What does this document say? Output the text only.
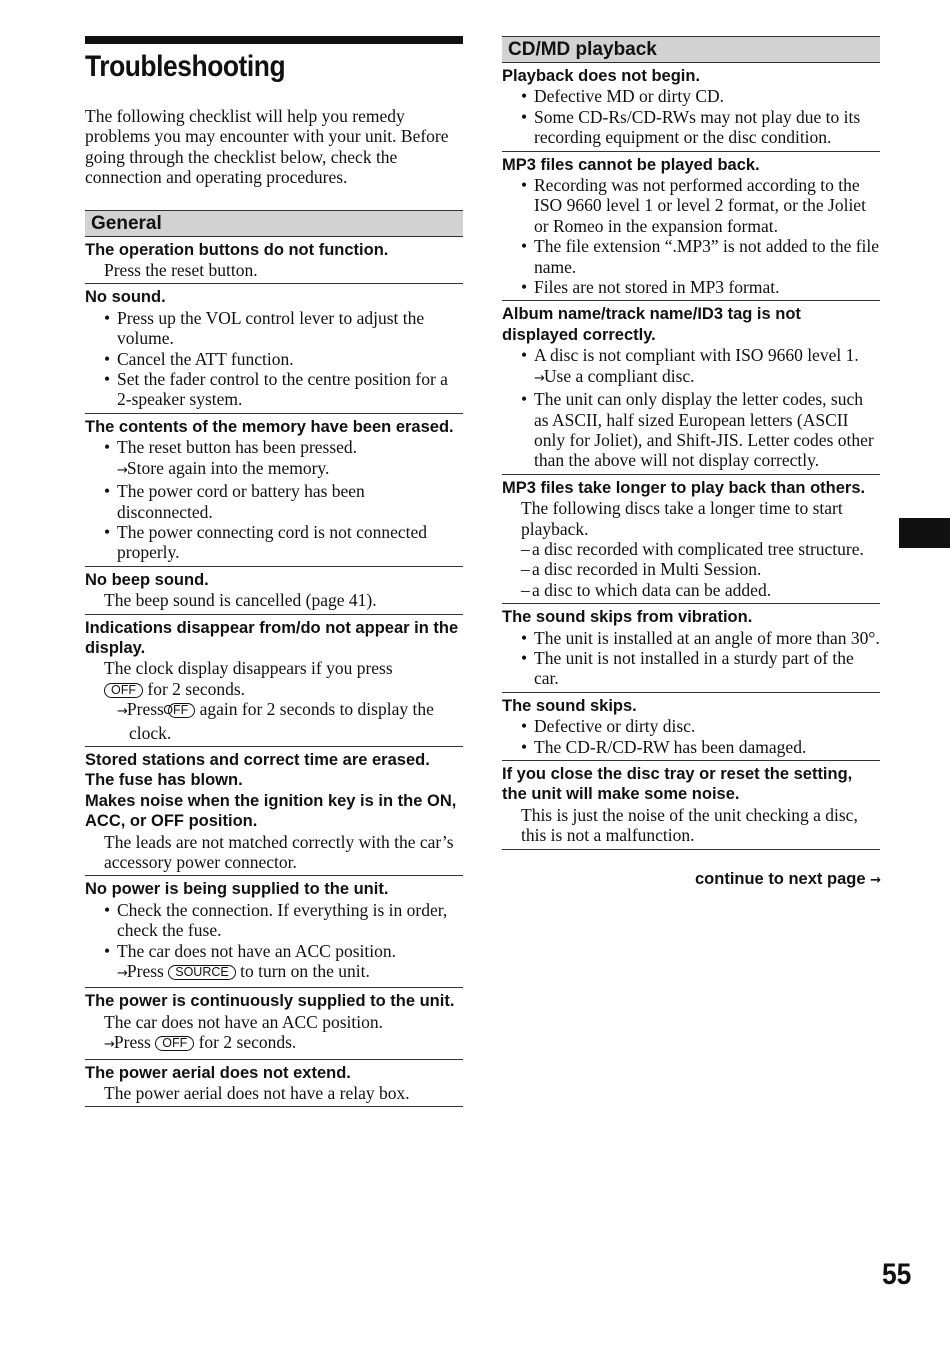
Troubleshooting

The following checklist will help you remedy problems you may encounter with your unit. Before going through the checklist below, check the connection and operating procedures.

General
The operation buttons do not function.
Press the reset button.
No sound.
• Press up the VOL control lever to adjust the volume.
• Cancel the ATT function.
• Set the fader control to the centre position for a 2-speaker system.
The contents of the memory have been erased.
• The reset button has been pressed.
→Store again into the memory.
• The power cord or battery has been disconnected.
• The power connecting cord is not connected properly.
No beep sound.
The beep sound is cancelled (page 41).
Indications disappear from/do not appear in the display.
The clock display disappears if you press
OFF for 2 seconds.
→Press OFF again for 2 seconds to display the clock.
Stored stations and correct time are erased.
The fuse has blown.
Makes noise when the ignition key is in the ON, ACC, or OFF position.
The leads are not matched correctly with the car’s accessory power connector.
No power is being supplied to the unit.
• Check the connection. If everything is in order, check the fuse.
• The car does not have an ACC position.
→Press SOURCE to turn on the unit.
The power is continuously supplied to the unit.
The car does not have an ACC position.
→Press OFF for 2 seconds.
The power aerial does not extend.
The power aerial does not have a relay box.
CD/MD playback
Playback does not begin.
• Defective MD or dirty CD.
• Some CD-Rs/CD-RWs may not play due to its recording equipment or the disc condition.
MP3 files cannot be played back.
• Recording was not performed according to the ISO 9660 level 1 or level 2 format, or the Joliet or Romeo in the expansion format.
• The file extension “.MP3” is not added to the file name.
• Files are not stored in MP3 format.
Album name/track name/ID3 tag is not displayed correctly.
• A disc is not compliant with ISO 9660 level 1.
→Use a compliant disc.
• The unit can only display the letter codes, such as ASCII, half sized European letters (ASCII only for Joliet), and Shift-JIS. Letter codes other than the above will not display correctly.
MP3 files take longer to play back than others.
The following discs take a longer time to start playback.
– a disc recorded with complicated tree structure.
– a disc recorded in Multi Session.
– a disc to which data can be added.
The sound skips from vibration.
• The unit is installed at an angle of more than 30°.
• The unit is not installed in a sturdy part of the car.
The sound skips.
• Defective or dirty disc.
• The CD-R/CD-RW has been damaged.
If you close the disc tray or reset the setting, the unit will make some noise.
This is just the noise of the unit checking a disc, this is not a malfunction.
continue to next page →
55
